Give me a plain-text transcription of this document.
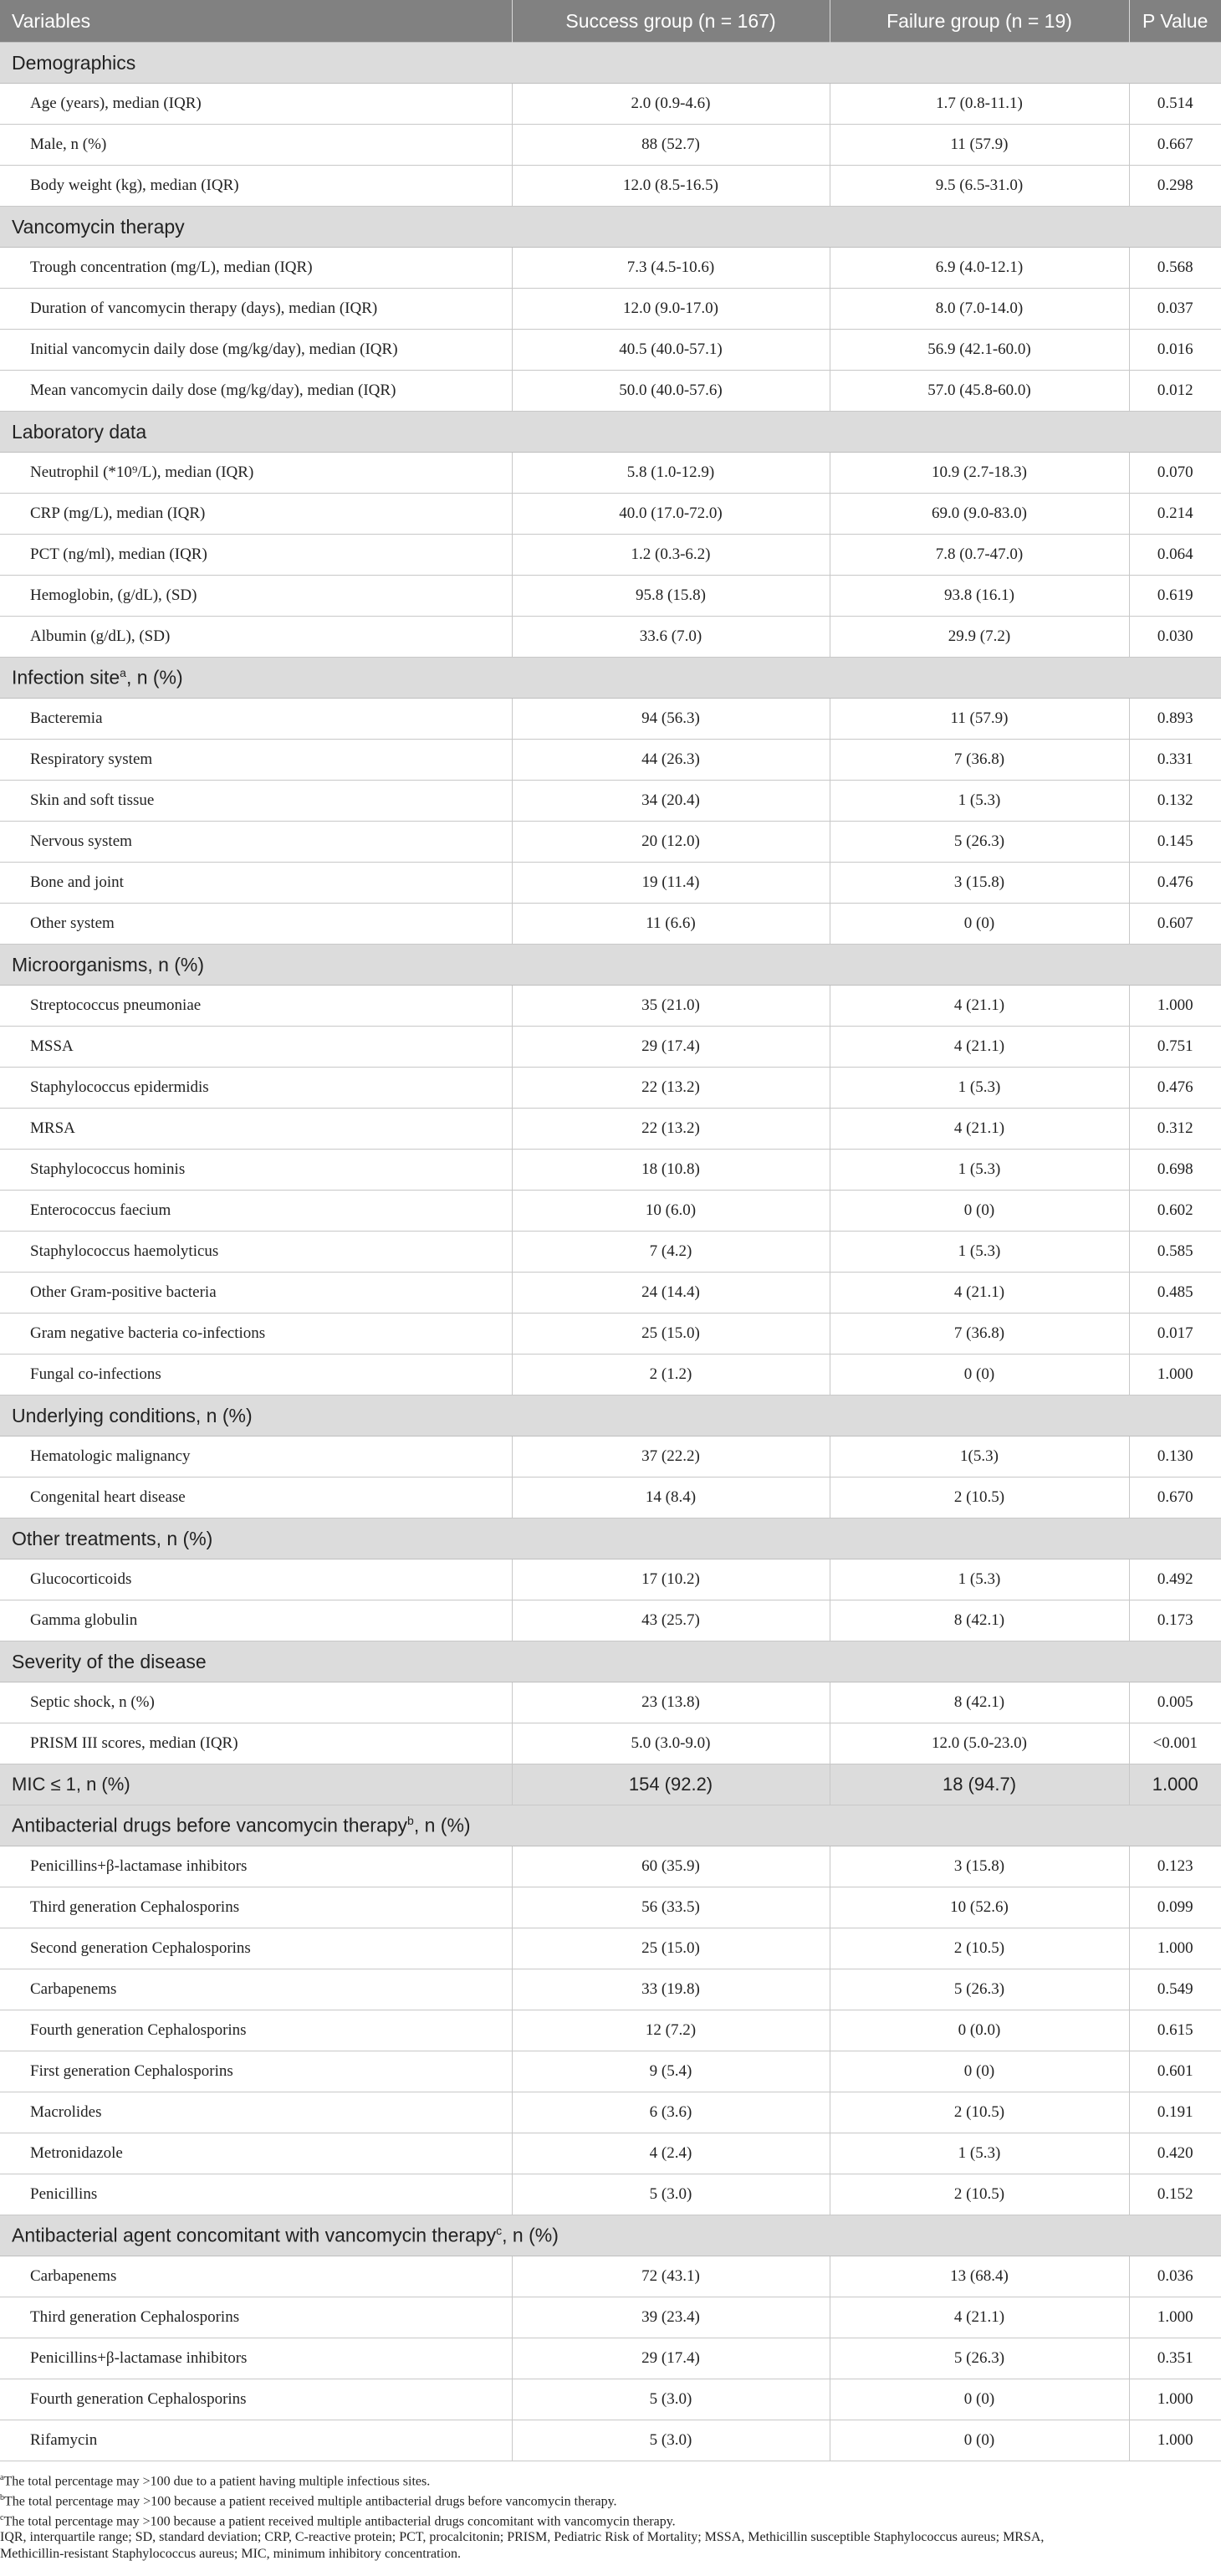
Variables	Success group (n = 167)	Failure group (n = 19)	P Value
Demographics			
Age (years), median (IQR)	2.0 (0.9-4.6)	1.7 (0.8-11.1)	0.514
Male, n (%)	88 (52.7)	11 (57.9)	0.667
Body weight (kg), median (IQR)	12.0 (8.5-16.5)	9.5 (6.5-31.0)	0.298
Vancomycin therapy			
Trough concentration (mg/L), median (IQR)	7.3 (4.5-10.6)	6.9 (4.0-12.1)	0.568
Duration of vancomycin therapy (days), median (IQR)	12.0 (9.0-17.0)	8.0 (7.0-14.0)	0.037
Initial vancomycin daily dose (mg/kg/day), median (IQR)	40.5 (40.0-57.1)	56.9 (42.1-60.0)	0.016
Mean vancomycin daily dose (mg/kg/day), median (IQR)	50.0 (40.0-57.6)	57.0 (45.8-60.0)	0.012
Laboratory data			
Neutrophil (*10⁹/L), median (IQR)	5.8 (1.0-12.9)	10.9 (2.7-18.3)	0.070
CRP (mg/L), median (IQR)	40.0 (17.0-72.0)	69.0 (9.0-83.0)	0.214
PCT (ng/ml), median (IQR)	1.2 (0.3-6.2)	7.8 (0.7-47.0)	0.064
Hemoglobin, (g/dL), (SD)	95.8 (15.8)	93.8 (16.1)	0.619
Albumin (g/dL), (SD)	33.6 (7.0)	29.9 (7.2)	0.030
Infection site$^a$, n (%)			
Bacteremia	94 (56.3)	11 (57.9)	0.893
Respiratory system	44 (26.3)	7 (36.8)	0.331
Skin and soft tissue	34 (20.4)	1 (5.3)	0.132
Nervous system	20 (12.0)	5 (26.3)	0.145
Bone and joint	19 (11.4)	3 (15.8)	0.476
Other system	11 (6.6)	0 (0)	0.607
Microorganisms, n (%)			
Streptococcus pneumoniae	35 (21.0)	4 (21.1)	1.000
MSSA	29 (17.4)	4 (21.1)	0.751
Staphylococcus epidermidis	22 (13.2)	1 (5.3)	0.476
MRSA	22 (13.2)	4 (21.1)	0.312
Staphylococcus hominis	18 (10.8)	1 (5.3)	0.698
Enterococcus faecium	10 (6.0)	0 (0)	0.602
Staphylococcus haemolyticus	7 (4.2)	1 (5.3)	0.585
Other Gram-positive bacteria	24 (14.4)	4 (21.1)	0.485
Gram negative bacteria co-infections	25 (15.0)	7 (36.8)	0.017
Fungal co-infections	2 (1.2)	0 (0)	1.000
Underlying conditions, n (%)			
Hematologic malignancy	37 (22.2)	1(5.3)	0.130
Congenital heart disease	14 (8.4)	2 (10.5)	0.670
Other treatments, n (%)			
Glucocorticoids	17 (10.2)	1 (5.3)	0.492
Gamma globulin	43 (25.7)	8 (42.1)	0.173
Severity of the disease			
Septic shock, n (%)	23 (13.8)	8 (42.1)	0.005
PRISM III scores, median (IQR)	5.0 (3.0-9.0)	12.0 (5.0-23.0)	<0.001
MIC ≤ 1, n (%)	154 (92.2)	18 (94.7)	1.000
Antibacterial drugs before vancomycin therapy$^b$, n (%)			
Penicillins+β-lactamase inhibitors	60 (35.9)	3 (15.8)	0.123
Third generation Cephalosporins	56 (33.5)	10 (52.6)	0.099
Second generation Cephalosporins	25 (15.0)	2 (10.5)	1.000
Carbapenems	33 (19.8)	5 (26.3)	0.549
Fourth generation Cephalosporins	12 (7.2)	0 (0.0)	0.615
First generation Cephalosporins	9 (5.4)	0 (0)	0.601
Macrolides	6 (3.6)	2 (10.5)	0.191
Metronidazole	4 (2.4)	1 (5.3)	0.420
Penicillins	5 (3.0)	2 (10.5)	0.152
Antibacterial agent concomitant with vancomycin therapy$^c$, n (%)			
Carbapenems	72 (43.1)	13 (68.4)	0.036
Third generation Cephalosporins	39 (23.4)	4 (21.1)	1.000
Penicillins+β-lactamase inhibitors	29 (17.4)	5 (26.3)	0.351
Fourth generation Cephalosporins	5 (3.0)	0 (0)	1.000
Rifamycin	5 (3.0)	0 (0)	1.000
$^a$The total percentage may >100 due to a patient having multiple infectious sites.
$^b$The total percentage may >100 because a patient received multiple antibacterial drugs before vancomycin therapy.
$^c$The total percentage may >100 because a patient received multiple antibacterial drugs concomitant with vancomycin therapy.
IQR, interquartile range; SD, standard deviation; CRP, C-reactive protein; PCT, procalcitonin; PRISM, Pediatric Risk of Mortality; MSSA, Methicillin susceptible Staphylococcus aureus; MRSA,
Methicillin-resistant Staphylococcus aureus; MIC, minimum inhibitory concentration.
